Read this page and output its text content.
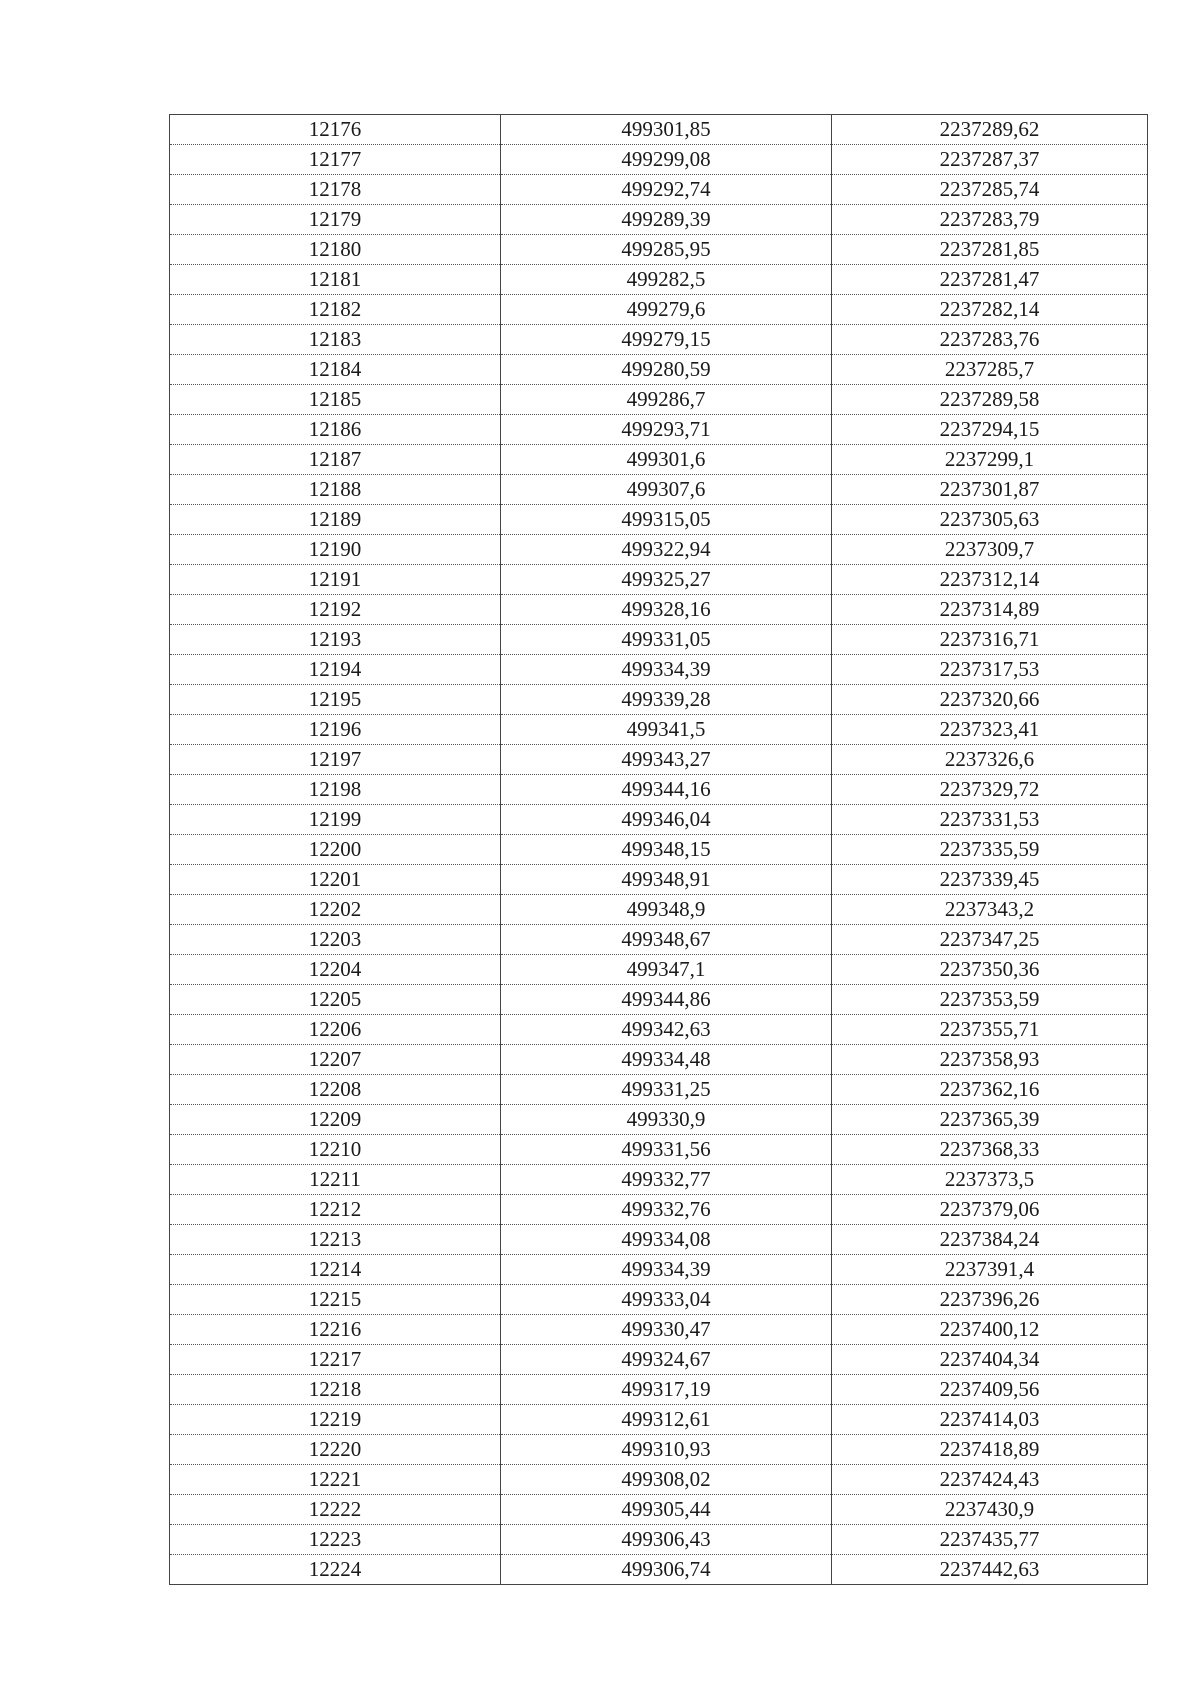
12176	499301,85	2237289,62
12177	499299,08	2237287,37
12178	499292,74	2237285,74
12179	499289,39	2237283,79
12180	499285,95	2237281,85
12181	499282,5	2237281,47
12182	499279,6	2237282,14
12183	499279,15	2237283,76
12184	499280,59	2237285,7
12185	499286,7	2237289,58
12186	499293,71	2237294,15
12187	499301,6	2237299,1
12188	499307,6	2237301,87
12189	499315,05	2237305,63
12190	499322,94	2237309,7
12191	499325,27	2237312,14
12192	499328,16	2237314,89
12193	499331,05	2237316,71
12194	499334,39	2237317,53
12195	499339,28	2237320,66
12196	499341,5	2237323,41
12197	499343,27	2237326,6
12198	499344,16	2237329,72
12199	499346,04	2237331,53
12200	499348,15	2237335,59
12201	499348,91	2237339,45
12202	499348,9	2237343,2
12203	499348,67	2237347,25
12204	499347,1	2237350,36
12205	499344,86	2237353,59
12206	499342,63	2237355,71
12207	499334,48	2237358,93
12208	499331,25	2237362,16
12209	499330,9	2237365,39
12210	499331,56	2237368,33
12211	499332,77	2237373,5
12212	499332,76	2237379,06
12213	499334,08	2237384,24
12214	499334,39	2237391,4
12215	499333,04	2237396,26
12216	499330,47	2237400,12
12217	499324,67	2237404,34
12218	499317,19	2237409,56
12219	499312,61	2237414,03
12220	499310,93	2237418,89
12221	499308,02	2237424,43
12222	499305,44	2237430,9
12223	499306,43	2237435,77
12224	499306,74	2237442,63
